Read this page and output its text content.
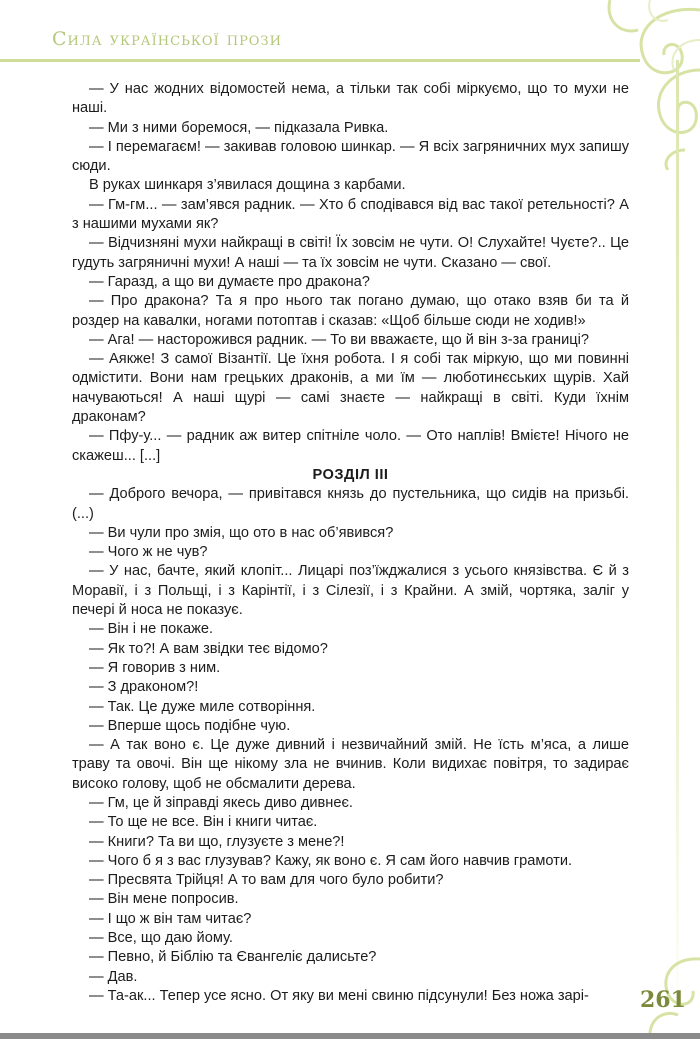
Сила української прози
261

— У нас жодних відомостей нема, а тільки так собі міркуємо, що то мухи не наші.

— Ми з ними боремося, — підказала Ривка.

— І перемагаєм! — закивав головою шинкар. — Я всіх загряничних мух запишу сюди.

В руках шинкаря з’явилася дощина з карбами.

— Гм-гм... — зам’явся радник. — Хто б сподівався від вас такої ретельності? А з нашими мухами як?

— Відчизняні мухи найкращі в світі! Їх зовсім не чути. О! Слухайте! Чуєте?.. Це гудуть загряничні мухи! А наші — та їх зовсім не чути. Сказано — свої.

— Гаразд, а що ви думаєте про дракона?

— Про дракона? Та я про нього так погано думаю, що отако взяв би та й роздер на кавалки, ногами потоптав і сказав: «Щоб більше сюди не ходив!»

— Ага! — насторожився радник. — То ви вважаєте, що й він з-за границі?

— Аякже! З самої Візантії. Це їхня робота. І я собі так міркую, що ми повинні одмістити. Вони нам грецьких драконів, а ми їм — люботинєських щурів. Хай начуваються! А наші щурі — самі знаєте — найкращі в світі. Куди їхнім драконам?

— Пфу-у... — радник аж витер спітніле чоло. — Ото наплів! Вмієте! Нічого не скажеш... [...]

РОЗДІЛ ІІІ

— Доброго вечора, — привітався князь до пустельника, що сидів на призьбі. (...)

— Ви чули про змія, що ото в нас об’явився?

— Чого ж не чув?

— У нас, бачте, який клопіт... Лицарі поз’їжджалися з усього князівства. Є й з Моравії, і з Польщі, і з Карінтії, і з Сілезії, і з Крайни. А змій, чортяка, заліг у печері й носа не показує.

— Він і не покаже.

— Як то?! А вам звідки теє відомо?

— Я говорив з ним.

— З драконом?!

— Так. Це дуже миле сотворіння.

— Вперше щось подібне чую.

— А так воно є. Це дуже дивний і незвичайний змій. Не їсть м’яса, а лише траву та овочі. Він ще нікому зла не вчинив. Коли видихає повітря, то задирає високо голову, щоб не обсмалити дерева.

— Гм, це й зіправді якесь диво дивнеє.

— То ще не все. Він і книги читає.

— Книги? Та ви що, глузуєте з мене?!

— Чого б я з вас глузував? Кажу, як воно є. Я сам його навчив грамоти.

— Пресвята Трійця! А то вам для чого було робити?

— Він мене попросив.

— І що ж він там читає?

— Все, що даю йому.

— Певно, й Біблію та Євангеліє далисьте?

— Дав.

— Та-ак... Тепер усе ясно. От яку ви мені свиню підсунули! Без ножа зарі-
